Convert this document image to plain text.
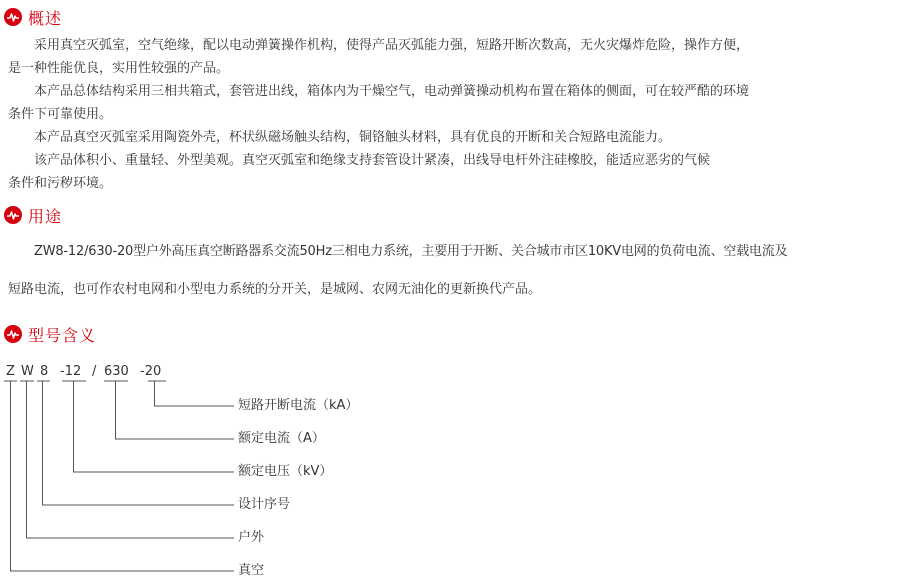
概述
采用真空灭弧室，空气绝缘，配以电动弹簧操作机构，使得产品灭弧能力强，短路开断次数高，无火灾爆炸危险，操作方便，
是一种性能优良，实用性较强的产品。
本产品总体结构采用三相共箱式，套管进出线，箱体内为干燥空气，电动弹簧操动机构布置在箱体的侧面，可在较严酷的环境
条件下可靠使用。
本产品真空灭弧室采用陶瓷外壳，杯状纵磁场触头结构，铜铬触头材料，具有优良的开断和关合短路电流能力。
该产品体积小、重量轻、外型美观。真空灭弧室和绝缘支持套管设计紧凑，出线导电杆外注硅橡胶，能适应恶劣的气候
条件和污秽环境。
用途
ZW8-12/630-20型户外高压真空断路器系交流50Hz三相电力系统，主要用于开断、关合城市市区10KV电网的负荷电流、空载电流及
短路电流，也可作农村电网和小型电力系统的分开关，是城网、农网无油化的更新换代产品。
型号含义
Z W 8 -12 / 630 -20
短路开断电流（kA）
额定电流（A）
额定电压（kV）
设计序号
户外
真空
